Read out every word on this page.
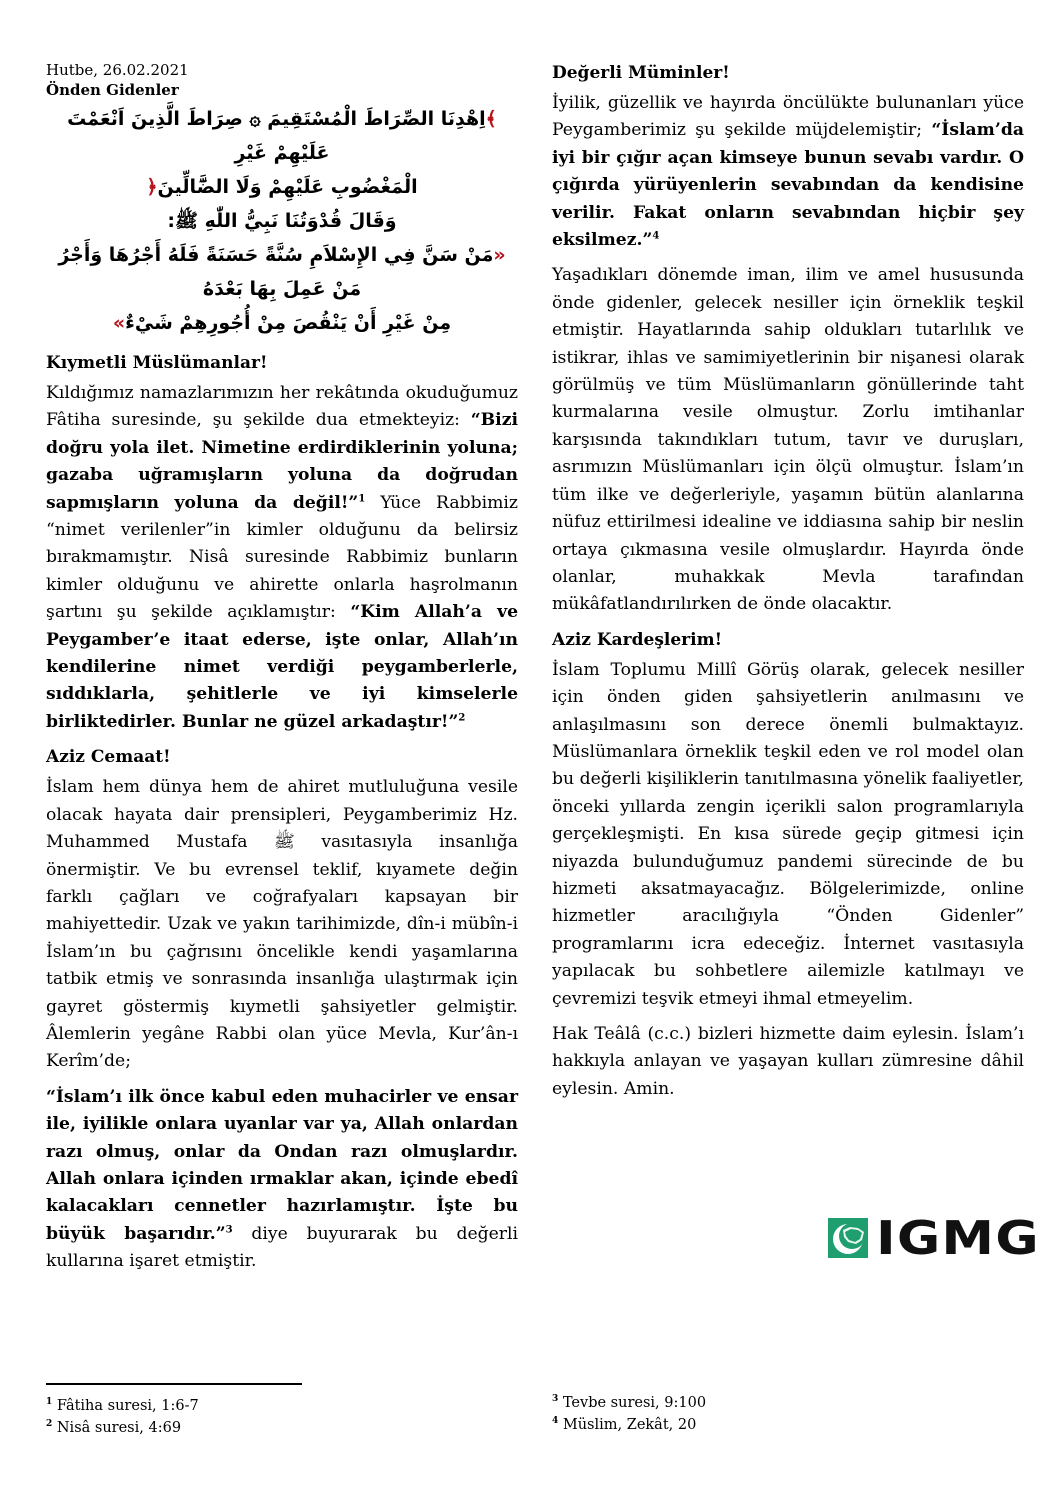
Hutbe, 26.02.2021

Önden Gidenler

﴾اِهْدِنَا الصِّرَاطَ الْمُسْتَقِيمَ ۞ صِرَاطَ الَّذِينَ اَنْعَمْتَ عَلَيْهِمْ غَيْرِ

الْمَغْضُوبِ عَلَيْهِمْ وَلَا الضَّٓالِّينَ﴿

وَقَالَ قُدْوَتُنَا نَبِيُّ اللّٰهِ ﷺ:

«مَنْ سَنَّ فِي الإِسْلاَمِ سُنَّةً حَسَنَةً فَلَهُ أَجْرُهَا وَأَجْرُ مَنْ عَمِلَ بِهَا بَعْدَهُ

مِنْ غَيْرِ أَنْ يَنْقُصَ مِنْ أُجُورِهِمْ شَيْءٌ»

Kıymetli Müslümanlar!

Kıldığımız namazlarımızın her rekâtında okuduğumuz Fâtiha suresinde, şu şekilde dua etmekteyiz: “Bizi doğru yola ilet. Nimetine erdirdiklerinin yoluna; gazaba uğramışların yoluna da doğrudan sapmışların yoluna da değil!”$^1$ Yüce Rabbimiz “nimet verilenler”in kimler olduğunu da belirsiz bırakmamıştır. Nisâ suresinde Rabbimiz bunların kimler olduğunu ve ahirette onlarla haşrolmanın şartını şu şekilde açıklamıştır: “Kim Allah’a ve Peygamber’e itaat ederse, işte onlar, Allah’ın kendilerine nimet verdiği peygamberlerle, sıddıklarla, şehitlerle ve iyi kimselerle birliktedirler. Bunlar ne güzel arkadaştır!”$^2$

Aziz Cemaat!

İslam hem dünya hem de ahiret mutluluğuna vesile olacak hayata dair prensipleri, Peygamberimiz Hz. Muhammed Mustafa ﷺ vasıtasıyla insanlığa önermiştir. Ve bu evrensel teklif, kıyamete değin farklı çağları ve coğrafyaları kapsayan bir mahiyettedir. Uzak ve yakın tarihimizde, dîn-i mübîn-i İslam’ın bu çağrısını öncelikle kendi yaşamlarına tatbik etmiş ve sonrasında insanlığa ulaştırmak için gayret göstermiş kıymetli şahsiyetler gelmiştir. Âlemlerin yegâne Rabbi olan yüce Mevla, Kur’ân-ı Kerîm’de;

“İslam’ı ilk önce kabul eden muhacirler ve ensar ile, iyilikle onlara uyanlar var ya, Allah onlardan razı olmuş, onlar da Ondan razı olmuşlardır. Allah onlara içinden ırmaklar akan, içinde ebedî kalacakları cennetler hazırlamıştır. İşte bu büyük başarıdır.”$^3$ diye buyurarak bu değerli kullarına işaret etmiştir.

Değerli Müminler!

İyilik, güzellik ve hayırda öncülükte bulunanları yüce Peygamberimiz şu şekilde müjdelemiştir; “İslam’da iyi bir çığır açan kimseye bunun sevabı vardır. O çığırda yürüyenlerin sevabından da kendisine verilir. Fakat onların sevabından hiçbir şey eksilmez.”$^4$

Yaşadıkları dönemde iman, ilim ve amel hususunda önde gidenler, gelecek nesiller için örneklik teşkil etmiştir. Hayatlarında sahip oldukları tutarlılık ve istikrar, ihlas ve samimiyetlerinin bir nişanesi olarak görülmüş ve tüm Müslümanların gönüllerinde taht kurmalarına vesile olmuştur. Zorlu imtihanlar karşısında takındıkları tutum, tavır ve duruşları, asrımızın Müslümanları için ölçü olmuştur. İslam’ın tüm ilke ve değerleriyle, yaşamın bütün alanlarına nüfuz ettirilmesi idealine ve iddiasına sahip bir neslin ortaya çıkmasına vesile olmuşlardır. Hayırda önde olanlar, muhakkak Mevla tarafından mükâfatlandırılırken de önde olacaktır.

Aziz Kardeşlerim!

İslam Toplumu Millî Görüş olarak, gelecek nesiller için önden giden şahsiyetlerin anılmasını ve anlaşılmasını son derece önemli bulmaktayız. Müslümanlara örneklik teşkil eden ve rol model olan bu değerli kişiliklerin tanıtılmasına yönelik faaliyetler, önceki yıllarda zengin içerikli salon programlarıyla gerçekleşmişti. En kısa sürede geçip gitmesi için niyazda bulunduğumuz pandemi sürecinde de bu hizmeti aksatmayacağız. Bölgelerimizde, online hizmetler aracılığıyla “Önden Gidenler” programlarını icra edeceğiz. İnternet vasıtasıyla yapılacak bu sohbetlere ailemizle katılmayı ve çevremizi teşvik etmeyi ihmal etmeyelim.

Hak Teâlâ (c.c.) bizleri hizmette daim eylesin. İslam’ı hakkıyla anlayan ve yaşayan kulları zümresine dâhil eylesin. Amin.

IGMG
$^1$ Fâtiha suresi, 1:6-7
$^2$ Nisâ suresi, 4:69
$^3$ Tevbe suresi, 9:100
$^4$ Müslim, Zekât, 20
